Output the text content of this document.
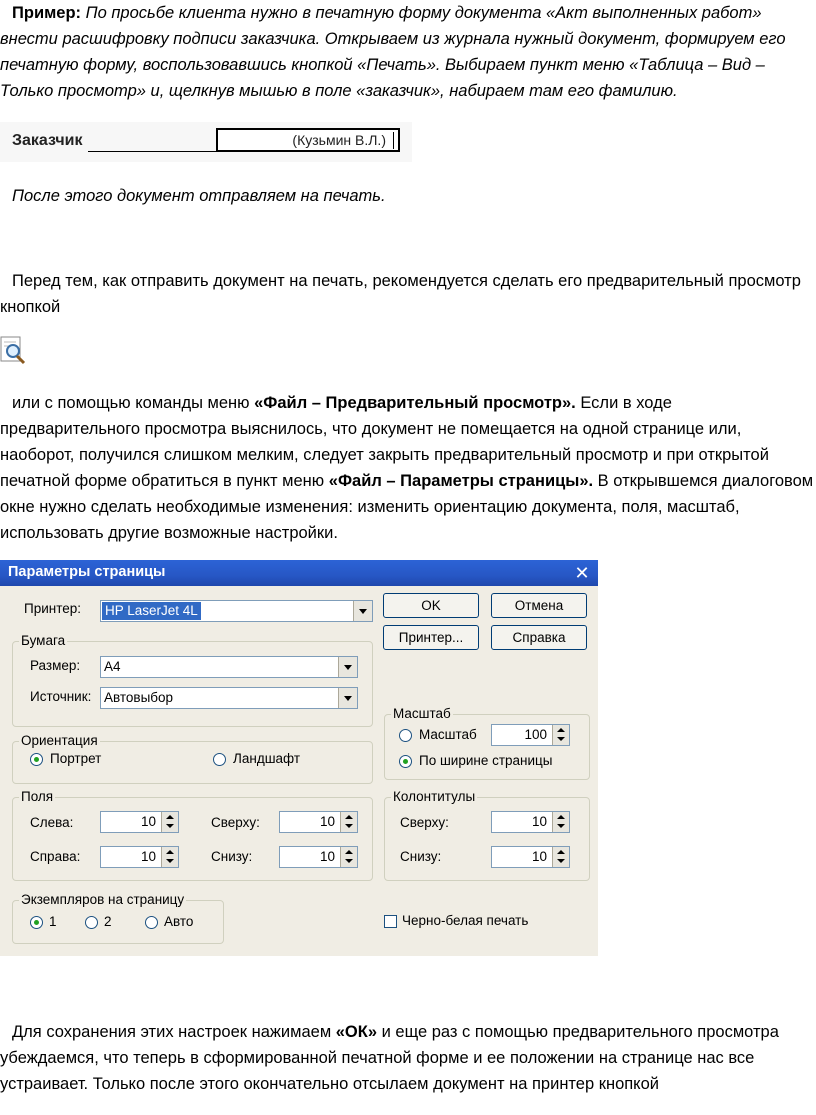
Пример: По просьбе клиента нужно в печатную форму документа «Акт выполненных работ» внести расшифровку подписи заказчика. Открываем из журнала нужный документ, формируем его печатную форму, воспользовавшись кнопкой «Печать». Выбираем пункт меню «Таблица – Вид – Только просмотр» и, щелкнув мышью в поле «заказчик», набираем там его фамилию.

Заказчик	(Кузьмин В.Л.)

После этого документ отправляем на печать.

Перед тем, как отправить документ на печать, рекомендуется сделать его предварительный просмотр кнопкой

или с помощью команды меню «Файл – Предварительный просмотр». Если в ходе предварительного просмотра выяснилось, что документ не помещается на одной странице или, наоборот, получился слишком мелким, следует закрыть предварительный просмотр и при открытой печатной форме обратиться в пункт меню «Файл – Параметры страницы». В открывшемся диалоговом окне нужно сделать необходимые изменения: изменить ориентацию документа, поля, масштаб, использовать другие возможные настройки.

Параметры страницы	✕
Принтер: HP LaserJet 4L	OK	Отмена
Принтер...	Справка
Бумага
Размер: A4
Источник: Автовыбор
Масштаб
Масштаб	100
По ширине страницы
Ориентация
Портрет	Ландшафт
Поля
Слева:	10	Сверху:	10
Справа:	10	Снизу:	10
Колонтитулы
Сверху:	10
Снизу:	10
Экземпляров на страницу
1	2	Авто	Черно-белая печать

Для сохранения этих настроек нажимаем «ОК» и еще раз с помощью предварительного просмотра убеждаемся, что теперь в сформированной печатной форме и ее положении на странице нас все устраивает. Только после этого окончательно отсылаем документ на принтер кнопкой
